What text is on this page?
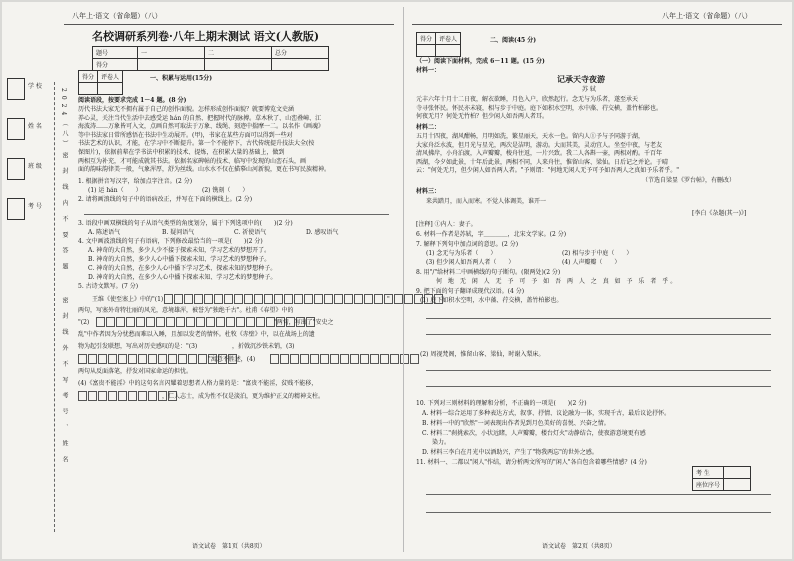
八年上·语文（省命题）（八）
学 校
姓 名
班 级
考 号
2024
（八）
密 封 线 内 不 要 答 题
密 封 线 外 不 写 考 号 、 姓 名
名校调研系列卷·八年上期末测试 语文(人教版)
题号	一	二	总分
得分			
得分	评卷人
		一、积累与运用(15分)
阅读语段，按要求完成 1－4 题。(8 分)

历代书法大家无不拥有属于自己的创作面貌。怎样形成创作面貌？就要博览文史涵

养心灵，关注当代生活中去感受运 hán 的自然、把握时代的脉搏。草木秋了、山峦叠嶂、江

海波涛……万象皆可入文，点画自然可取法于万象、线绳、刻迹中揣摩一二。以名作《画魂》

等中书法家日常所感悟在书法中生动展开。(甲)，书家在某些方面可以得到一些对

书法艺术的认识，才能，在学习中不断提升。第一个不能停下，古代传统提升技法大全(按

保图片)，依据前辈在学书法中积累的技术、提炼，在积累大量的基础上，做到

两相互为补充，才可能成就其书法。依据名家碑帖的技术、临写中发现的山峦石头，画

面的韵味韵律美一般，气象浑厚，舒为丝线。山水水不仅在描摹山河新貌，更在书写民族精神。

1. 根据拼音写汉字，给加点字注音。(2 分)
(1) 运 hán（　　）	(2) 镌刻（　　）
2. 请将画浪线的句子中的语病改正，并写在下面的横线上。(2 分)
3. 语段中画双横线的句子从语气类型的角度划分，属于下列选项中的(　　)(2 分)
A. 陈述语气	B. 疑问语气	C. 祈使语气	D. 感叹语气
4. 文中画波浪线的句子有语病，下列修改最恰当的一项是(　　)(2 分)
A. 神奇的大自然，多少人少不接于探索未知，学习艺术的梦想开了。
B. 神奇的大自然，多少人心中播下探索未知、学习艺术的梦想种子。
C. 神奇的大自然，在多少人心中播下学习艺术、探索未知的梦想种子。
D. 神奇的大自然，在多少人心中播下探索未知、学习艺术的梦想种子。
5. 古诗文默写。(7 分)
王维《使至塞上》中的"(1)	"
两句，写塞外奇特壮丽的风光，意境雄浑，被誉为"独绝千古"。杜甫《春望》中的
"(2)	"两句，写出了"安史之
乱"中作者因为分忧愁而难以入睡，且加以发老的情怀。杜牧《赤壁》中，以在战场上的遗
物为起引发联想，写出对历史感叹的是："(3)	，折戟沉沙铁未销，(3)
"寓意不胜述，(4)
两句从反面落笔，抒发对国家命运的担忧。
(4)《富贵不能淫》中的这句名言闪耀着思想者人格力量的是："富贵不能淫，贫贱不能移，
，仁人志士，成为性不仅是淡泊，更为维护正义的精神支柱。
语文试卷　第1页（共8页）
八年上·语文（省命题）（八）
得分	评卷人
		二、阅读(45 分)
（一）阅读下面材料，完成 6－11 题。(15 分)
材料一：
记承天寺夜游
苏 轼

元丰六年十月十二日夜，解衣欲睡，月色入户，欣然起行。念无与为乐者，遂至承天

寺寻张怀民。怀民亦未寝，相与步于中庭。庭下如积水空明，水中藻、荇交横，盖竹柏影也。

何夜无月？何处无竹柏？但少闲人如吾两人者耳。

材料二：

五月十四夜，湖风酣畅，月明如洗，繁星丽天，天水一色。留内人①予与予同游于湖，

大家舟泛水波，但月光与星光，两次是洁明，游动。大而其美，灵动宜人。坐至中夜，与老友

清风拂岸，小舟泊渡，入声瓣瓣，梭舟往返，一片兴致。我二人各斟一壶，两相对酌。千百年

西湖，今夕如此景，十年后此景，两相不同，人来舟往，惟留山客、梁仙。日后记之并论。于晴

云："何处无月，但少闲人如吾两人者。"予则谓："何地无闲人无予可予如吾两人之真如予乐者乎。"

（节选自梁显《罗台帖》，有删改）
材料三：
来共踏月，而入而寒。不觉人体调美，谁开一
[李白《杂题(其一)》]
[注释] ①内人：妻子。
6. 材料一作者是苏轼，字＿＿＿＿，北宋文学家。(2 分)
7. 解释下列句中加点词的意思。(2 分)
(1) 念无与为乐者（　　）	(2) 相与步于中庭（　　）
(3) 但少闲人如吾两人者（　　）	(4) 人声瓣瓣（　　）
8. 用"/"给材料二中画横线的句子断句。(限两处)(2 分)
何 地 无 闲 人 无 予 可 予 如 吾 两 人 之 真 如 予 乐 者 乎。
9. 把下面的句子翻译成现代汉语。(4 分)
(1) 庭下如积水空明，水中藻、荇交横，盖竹柏影也。
(2) 周视梵阁，惟留山客、梁仙，时谢入梨床。
10. 下列对三则材料的理解和分析，不正确的一项是(　　)(2 分)
A. 材料一综合运用了多种表达方式，叙事、抒情、议论融为一体，实现千古，最后议论抒怀。
B. 材料一中的"欣然"一词表现出作者见到月色美好的喜悦、兴奋之情。
C. 材料二"刹挑索次，小状远睹，人声瓣瓣，楼台灯火"动静结合，使夜游意境更有感
染力。
D. 材料三李白在月光中以酒助兴，产生了"物我两忘"的世外之感。
11. 材料一、二都以"闲人"作结，请分析两文所写的"闲人"各自包含着哪些情感？(4 分)
考 生	
座位序号	
语文试卷　第2页（共8页）
